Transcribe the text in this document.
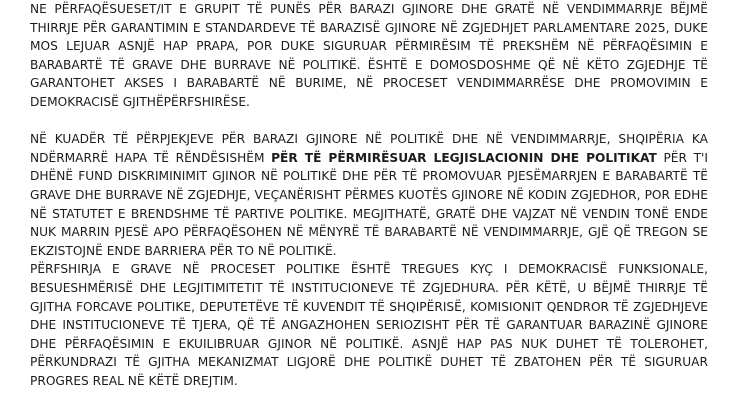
NE PËRFAQËSUESET/IT E GRUPIT TË PUNËS PËR BARAZI GJINORE DHE GRATË NË VENDIMMARRJE BËJMË THIRRJE PËR GARANTIMIN E STANDARDEVE TË BARAZISË GJINORE NË ZGJEDHJET PARLAMENTARE 2025, DUKE MOS LEJUAR ASNJË HAP PRAPA, POR DUKE SIGURUAR PËRMIRËSIM TË PREKSHËM NË PËRFAQËSIMIN E BARABARTË TË GRAVE DHE BURRAVE NË POLITIKË. ËSHTË E DOMOSDOSHME QË NË KËTO ZGJEDHJE TË GARANTOHET AKSES I BARABARTË NË BURIME, NË PROCESET VENDIMMARRËSE DHE PROMOVIMIN E DEMOKRACISË GJITHËPËRFSHIRËSE.

NË KUADËR TË PËRPJEKJEVE PËR BARAZI GJINORE NË POLITIKË DHE NË VENDIMMARRJE, SHQIPËRIA KA NDËRMARRË HAPA TË RËNDËSISHËM PËR TË PËRMIRËSUAR LEGJISLACIONIN DHE POLITIKAT PËR T'I DHËNË FUND DISKRIMINIMIT GJINOR NË POLITIKË DHE PËR TË PROMOVUAR PJESËMARRJEN E BARABARTË TË GRAVE DHE BURRAVE NË ZGJEDHJE, VEÇANËRISHT PËRMES KUOTËS GJINORE NË KODIN ZGJEDHOR, POR EDHE NË STATUTET E BRENDSHME TË PARTIVE POLITIKE. MEGJITHATË, GRATË DHE VAJZAT NË VENDIN TONË ENDE NUK MARRIN PJESË APO PËRFAQËSOHEN NË MËNYRË TË BARABARTË NË VENDIMMARRJE, GJË QË TREGON SE EKZISTOJNË ENDE BARRIERA PËR TO NË POLITIKË.

PËRFSHIRJA E GRAVE NË PROCESET POLITIKE ËSHTË TREGUES KYÇ I DEMOKRACISË FUNKSIONALE, BESUESHMËRISË DHE LEGJITIMITETIT TË INSTITUCIONEVE TË ZGJEDHURA. PËR KËTË, U BËJMË THIRRJE TË GJITHA FORCAVE POLITIKE, DEPUTETËVE TË KUVENDIT TË SHQIPËRISË, KOMISIONIT QENDROR TË ZGJEDHJEVE DHE INSTITUCIONEVE TË TJERA, QË TË ANGAZHOHEN SERIOZISHT PËR TË GARANTUAR BARAZINË GJINORE DHE PËRFAQËSIMIN E EKUILIBRUAR GJINOR NË POLITIKË. ASNJË HAP PAS NUK DUHET TË TOLEROHET, PËRKUNDRAZI TË GJITHA MEKANIZMAT LIGJORË DHE POLITIKË DUHET TË ZBATOHEN PËR TË SIGURUAR PROGRES REAL NË KËTË DREJTIM.
